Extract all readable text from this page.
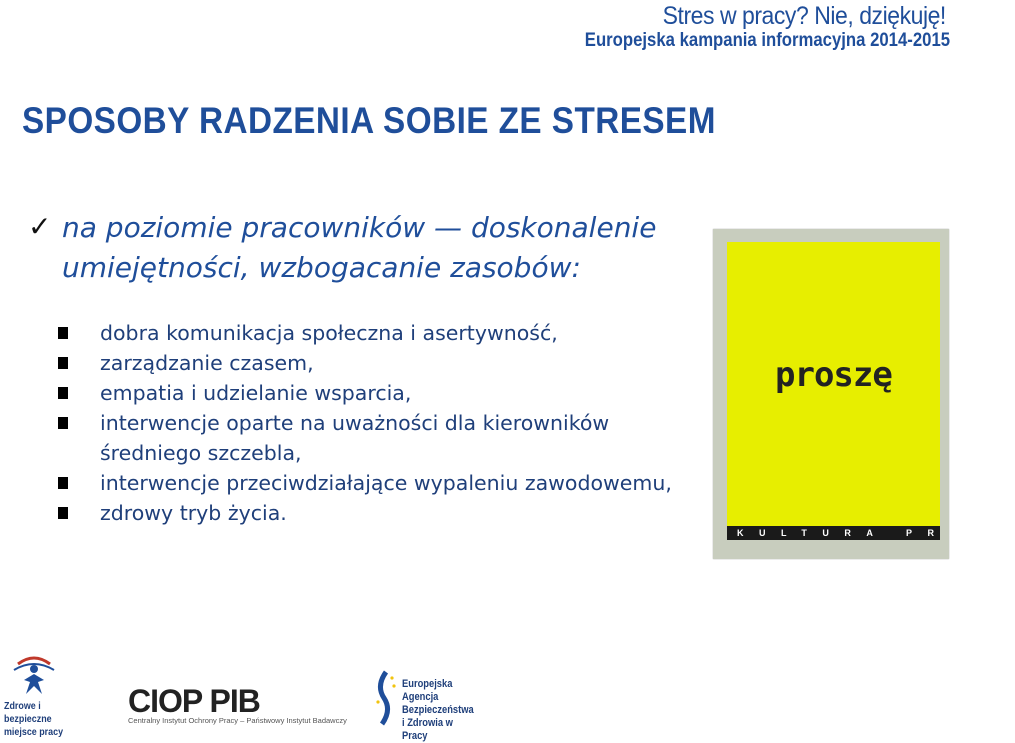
Stres w pracy? Nie, dziękuję!
Europejska kampania informacyjna 2014-2015
SPOSOBY RADZENIA SOBIE ZE STRESEM
✓ na poziomie pracowników — doskonalenie umiejętności, wzbogacanie zasobów:
dobra komunikacja społeczna i asertywność,
zarządzanie czasem,
empatia i udzielanie wsparcia,
interwencje oparte na uważności dla kierowników średniego szczebla,
interwencje przeciwdziałające wypaleniu zawodowemu,
zdrowy tryb życia.
proszę
KULTURA PRACY
Zdrowe i bezpieczne miejsce pracy
CIOP PIB
Centralny Instytut Ochrony Pracy – Państwowy Instytut Badawczy
Europejska Agencja Bezpieczeństwa i Zdrowia w Pracy
